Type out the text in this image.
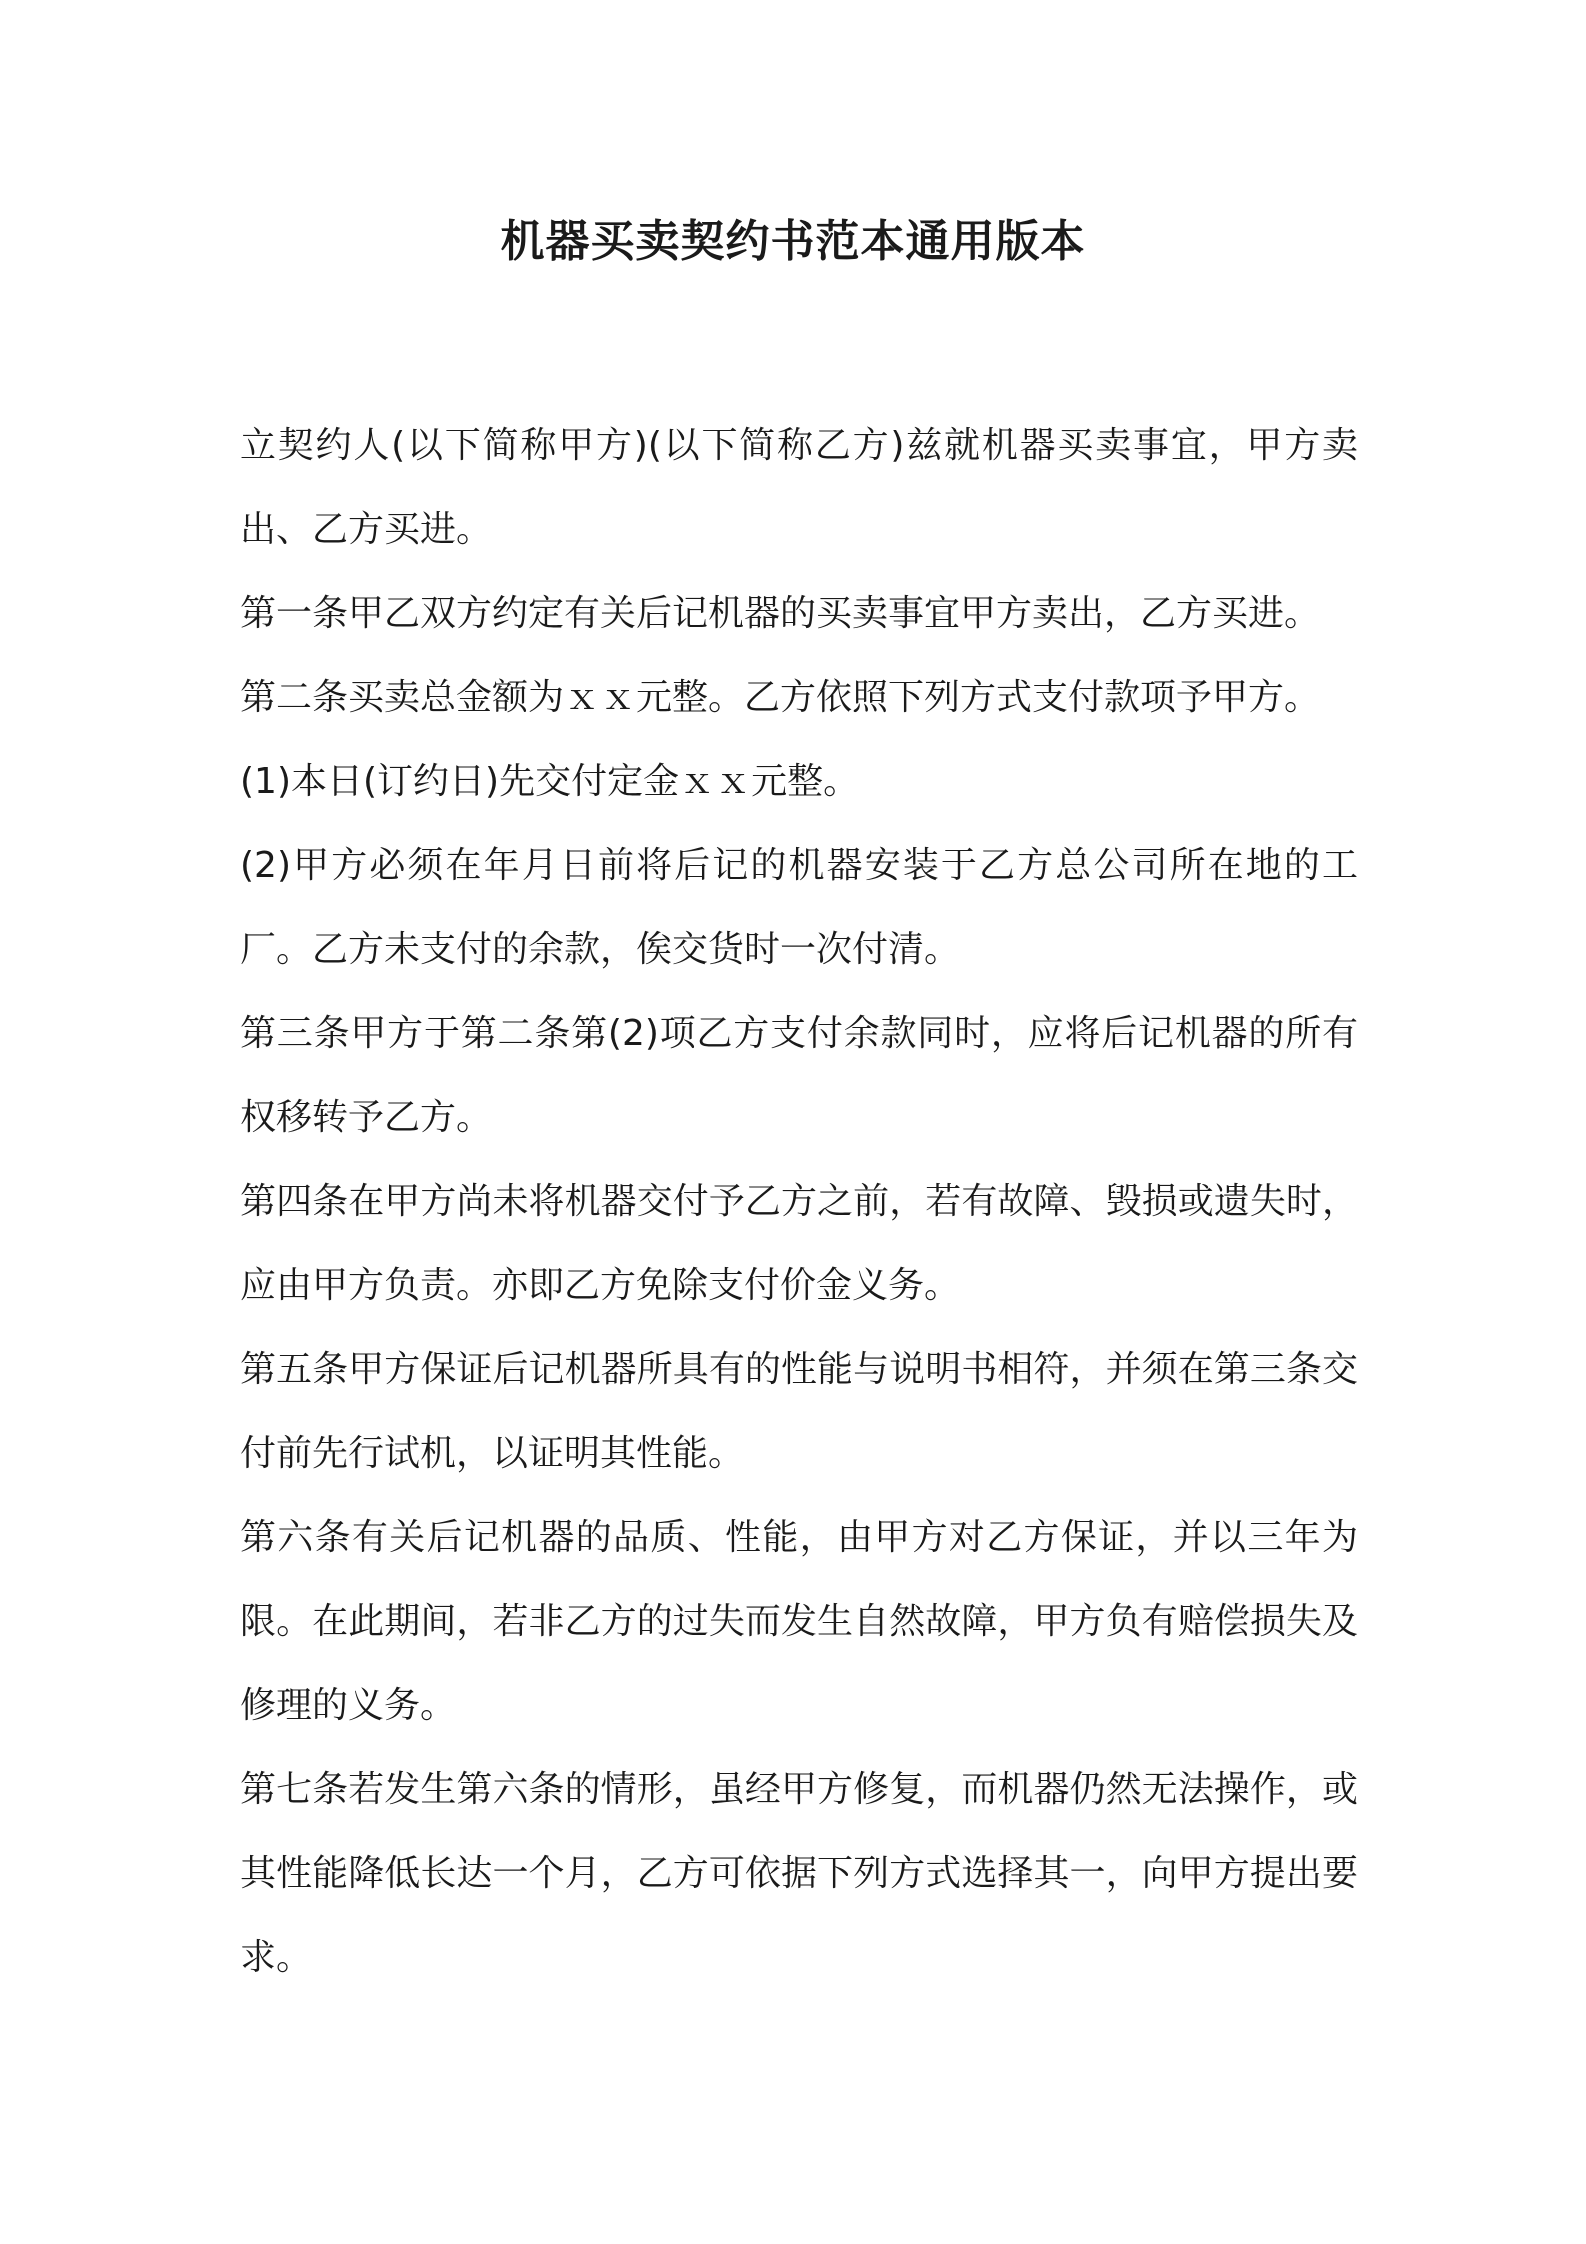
机器买卖契约书范本通用版本

立契约人(以下简称甲方)(以下简称乙方)兹就机器买卖事宜，甲方卖出、乙方买进。

第一条甲乙双方约定有关后记机器的买卖事宜甲方卖出，乙方买进。

第二条买卖总金额为ｘｘ元整。乙方依照下列方式支付款项予甲方。

(1)本日(订约日)先交付定金ｘｘ元整。

(2)甲方必须在年月日前将后记的机器安装于乙方总公司所在地的工厂。乙方未支付的余款，俟交货时一次付清。

第三条甲方于第二条第(2)项乙方支付余款同时，应将后记机器的所有权移转予乙方。

第四条在甲方尚未将机器交付予乙方之前，若有故障、毁损或遗失时，应由甲方负责。亦即乙方免除支付价金义务。

第五条甲方保证后记机器所具有的性能与说明书相符，并须在第三条交付前先行试机，以证明其性能。

第六条有关后记机器的品质、性能，由甲方对乙方保证，并以三年为限。在此期间，若非乙方的过失而发生自然故障，甲方负有赔偿损失及修理的义务。

第七条若发生第六条的情形，虽经甲方修复，而机器仍然无法操作，或其性能降低长达一个月，乙方可依据下列方式选择其一，向甲方提出要求。
